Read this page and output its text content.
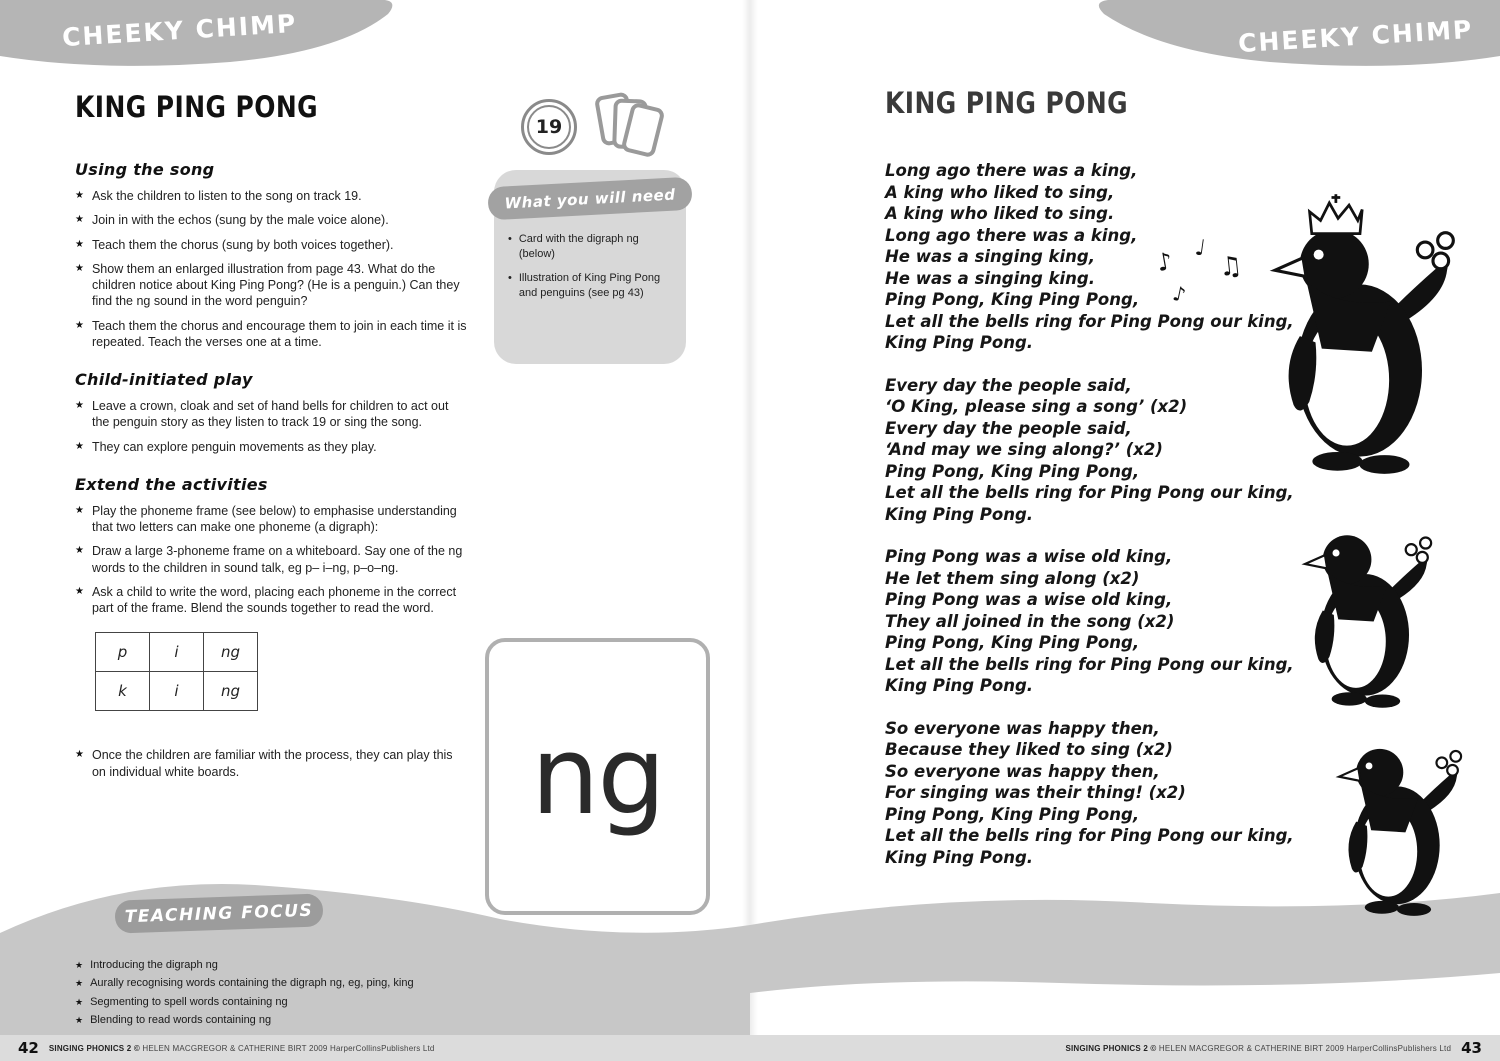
CHEEKY CHIMP	CHEEKY CHIMP
KING PING PONG
19
What you will need
• Card with the digraph ng (below)
• Illustration of King Ping Pong and penguins (see pg 43)
Using the song
★ Ask the children to listen to the song on track 19.
★ Join in with the echos (sung by the male voice alone).
★ Teach them the chorus (sung by both voices together).
★ Show them an enlarged illustration from page 43. What do the children notice about King Ping Pong? (He is a penguin.) Can they find the ng sound in the word penguin?
★ Teach them the chorus and encourage them to join in each time it is repeated. Teach the verses one at a time.
Child-initiated play
★ Leave a crown, cloak and set of hand bells for children to act out the penguin story as they listen to track 19 or sing the song.
★ They can explore penguin movements as they play.
Extend the activities
★ Play the phoneme frame (see below) to emphasise understanding that two letters can make one phoneme (a digraph):
★ Draw a large 3-phoneme frame on a whiteboard. Say one of the ng words to the children in sound talk, eg p– i–ng, p–o–ng.
★ Ask a child to write the word, placing each phoneme in the correct part of the frame. Blend the sounds together to read the word.
p	i	ng
k	i	ng
★ Once the children are familiar with the process, they can play this on individual white boards.	ng
TEACHING FOCUS
★ Introducing the digraph ng
★ Aurally recognising words containing the digraph ng, eg, ping, king
★ Segmenting to spell words containing ng
★ Blending to read words containing ng
42 SINGING PHONICS 2 © HELEN MACGREGOR & CATHERINE BIRT 2009 HarperCollinsPublishers Ltd	SINGING PHONICS 2 © HELEN MACGREGOR & CATHERINE BIRT 2009 HarperCollinsPublishers Ltd 43
KING PING PONG
Long ago there was a king,
A king who liked to sing,
A king who liked to sing.
Long ago there was a king,
He was a singing king,
He was a singing king.
Ping Pong, King Ping Pong,
Let all the bells ring for Ping Pong our king,
King Ping Pong.
Every day the people said,
‘O King, please sing a song’ (x2)
Every day the people said,
‘And may we sing along?’ (x2)
Ping Pong, King Ping Pong,
Let all the bells ring for Ping Pong our king,
King Ping Pong.
Ping Pong was a wise old king,
He let them sing along (x2)
Ping Pong was a wise old king,
They all joined in the song (x2)
Ping Pong, King Ping Pong,
Let all the bells ring for Ping Pong our king,
King Ping Pong.
So everyone was happy then,
Because they liked to sing (x2)
So everyone was happy then,
For singing was their thing! (x2)
Ping Pong, King Ping Pong,
Let all the bells ring for Ping Pong our king,
King Ping Pong.
♪ ♩
♫
♪
